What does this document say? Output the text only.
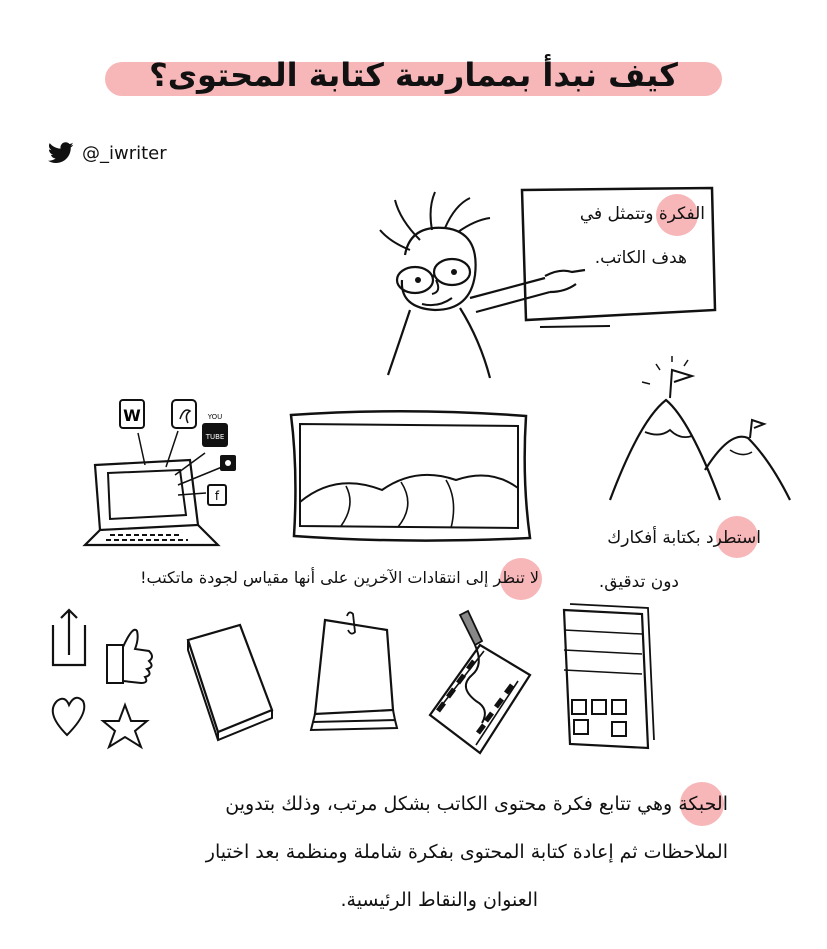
كيف نبدأ بممارسة كتابة المحتوى؟
@_iwriter
الفكرة وتتمثل في
هدف الكاتب.
W	YOU
TUBE
f
استطرد بكتابة أفكارك
دون تدقيق.
لا تنظر إلى انتقادات الآخرين على أنها مقياس لجودة ماتكتب!
الحبكة وهي تتابع فكرة محتوى الكاتب بشكل مرتب، وذلك بتدوين
الملاحظات ثم إعادة كتابة المحتوى بفكرة شاملة ومنظمة بعد اختيار
العنوان والنقاط الرئيسية.
